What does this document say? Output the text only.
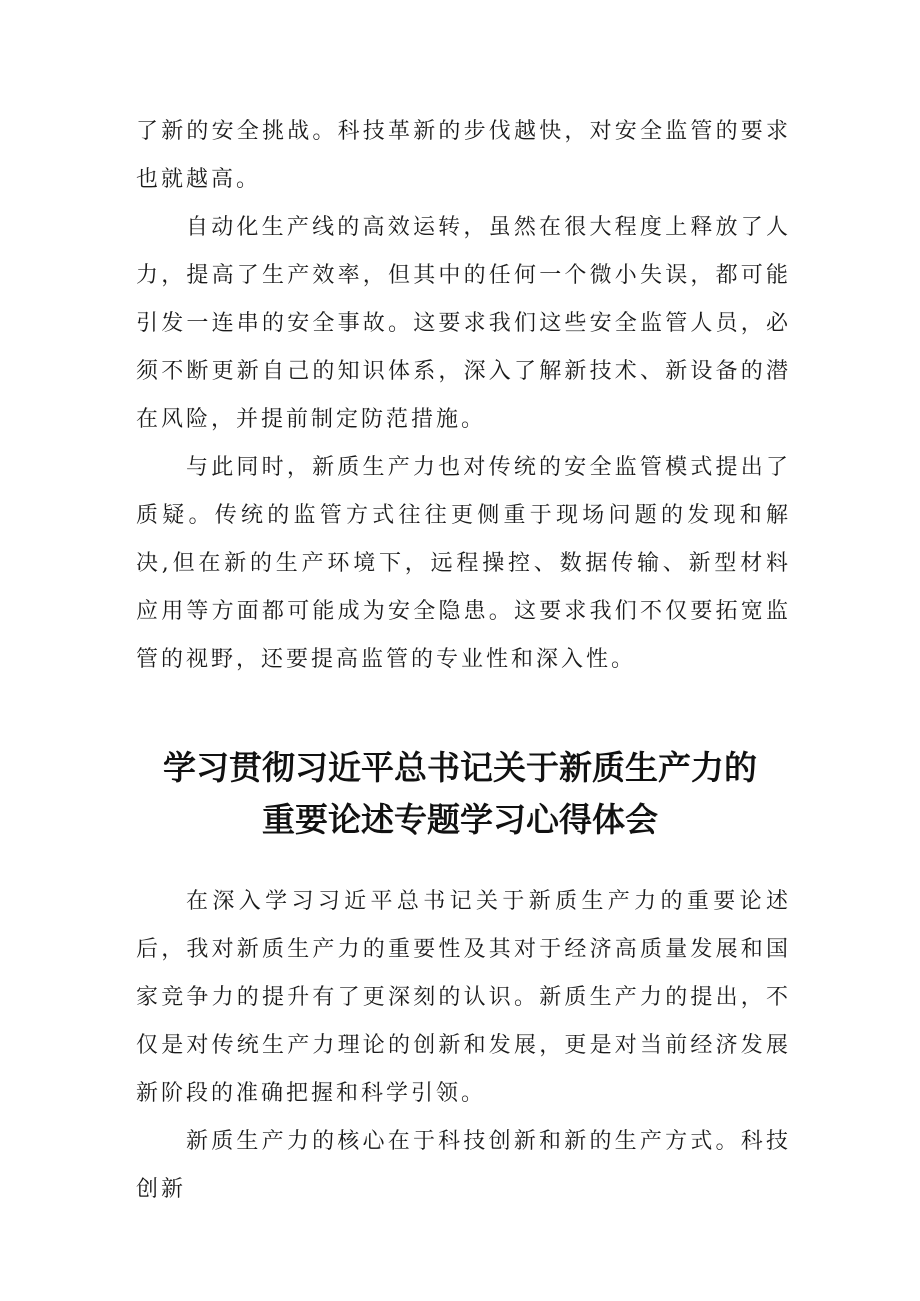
了新的安全挑战。科技革新的步伐越快，对安全监管的要求也就越高。

自动化生产线的高效运转，虽然在很大程度上释放了人力，提高了生产效率，但其中的任何一个微小失误，都可能引发一连串的安全事故。这要求我们这些安全监管人员，必须不断更新自己的知识体系，深入了解新技术、新设备的潜在风险，并提前制定防范措施。

与此同时，新质生产力也对传统的安全监管模式提出了质疑。传统的监管方式往往更侧重于现场问题的发现和解决,但在新的生产环境下，远程操控、数据传输、新型材料应用等方面都可能成为安全隐患。这要求我们不仅要拓宽监管的视野，还要提高监管的专业性和深入性。

学习贯彻习近平总书记关于新质生产力的
重要论述专题学习心得体会

在深入学习习近平总书记关于新质生产力的重要论述后，我对新质生产力的重要性及其对于经济高质量发展和国家竞争力的提升有了更深刻的认识。新质生产力的提出，不仅是对传统生产力理论的创新和发展，更是对当前经济发展新阶段的准确把握和科学引领。

新质生产力的核心在于科技创新和新的生产方式。科技创新
